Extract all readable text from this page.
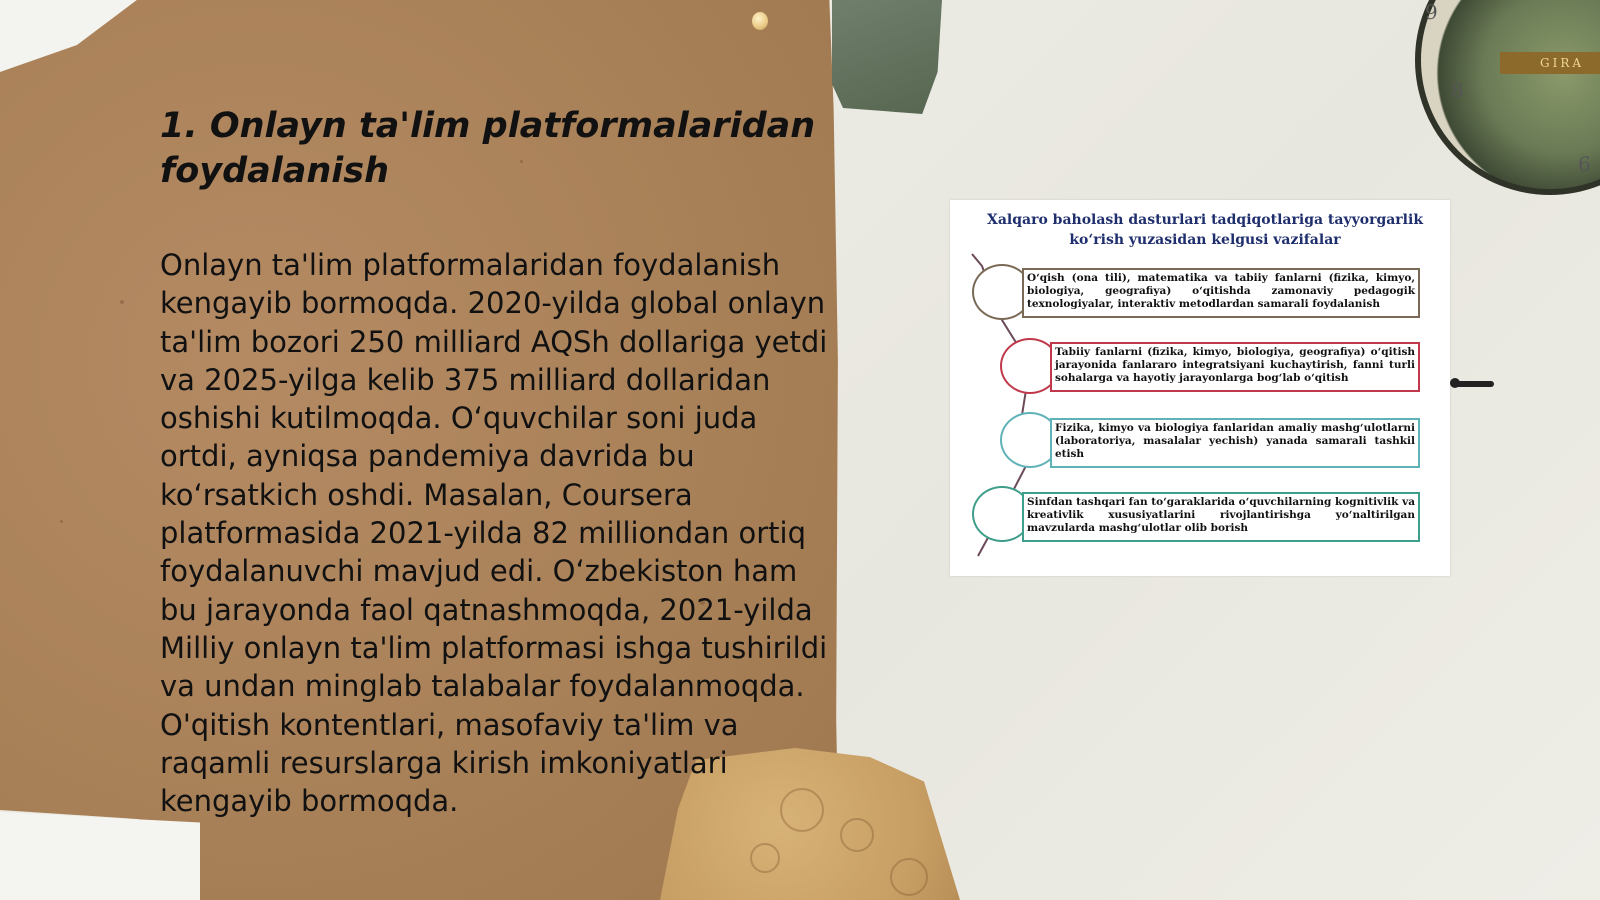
9
8
6
GIRA
1. Onlayn ta'lim platformalaridan foydalanish

Onlayn ta'lim platformalaridan foydalanish kengayib bormoqda. 2020-yilda global onlayn ta'lim bozori 250 milliard AQSh dollariga yetdi va 2025-yilga kelib 375 milliard dollaridan oshishi kutilmoqda. O‘quvchilar soni juda ortdi, ayniqsa pandemiya davrida bu ko‘rsatkich oshdi. Masalan, Coursera platformasida 2021-yilda 82 milliondan ortiq foydalanuvchi mavjud edi. O‘zbekiston ham bu jarayonda faol qatnashmoqda, 2021-yilda Milliy onlayn ta'lim platformasi ishga tushirildi va undan minglab talabalar foydalanmoqda. O'qitish kontentlari, masofaviy ta'lim va raqamli resurslarga kirish imkoniyatlari kengayib bormoqda.

Xalqaro baholash dasturlari tadqiqotlariga tayyorgarlik ko‘rish yuzasidan kelgusi vazifalar

O‘qish (ona tili), matematika va tabiiy fanlarni (fizika, kimyo, biologiya, geografiya) o‘qitishda zamonaviy pedagogik texnologiyalar, interaktiv metodlardan samarali foydalanish
Tabiiy fanlarni (fizika, kimyo, biologiya, geografiya) o‘qitish jarayonida fanlararo integratsiyani kuchaytirish, fanni turli sohalarga va hayotiy jarayonlarga bog‘lab o‘qitish
Fizika, kimyo va biologiya fanlaridan amaliy mashg‘ulotlarni (laboratoriya, masalalar yechish) yanada samarali tashkil etish
Sinfdan tashqari fan to‘garaklarida o‘quvchilarning kognitivlik va kreativlik xususiyatlarini rivojlantirishga yo‘naltirilgan mavzularda mashg‘ulotlar olib borish
